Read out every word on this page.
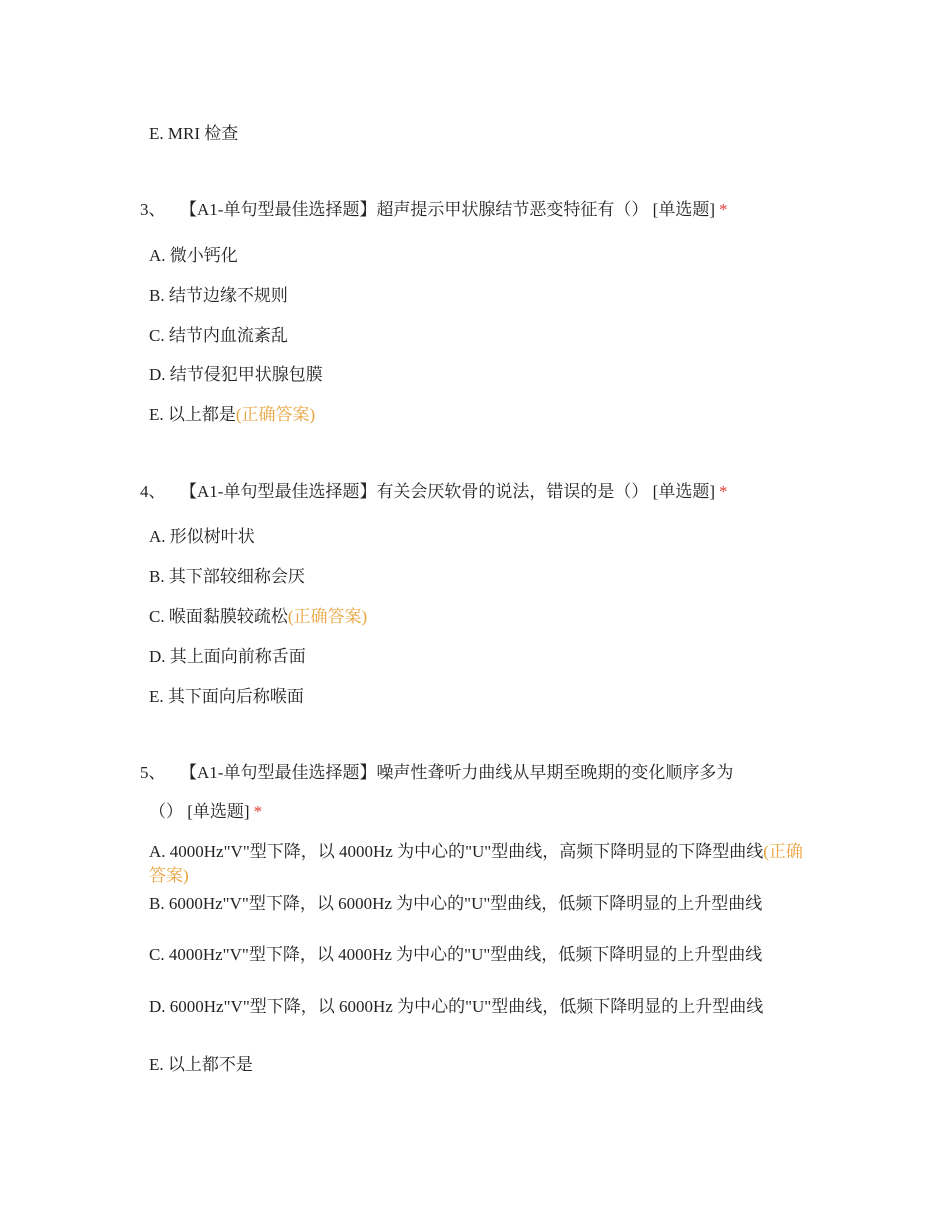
E. MRI 检查
3、 【A1-单句型最佳选择题】超声提示甲状腺结节恶变特征有（） [单选题] *
A. 微小钙化
B. 结节边缘不规则
C. 结节内血流紊乱
D. 结节侵犯甲状腺包膜
E. 以上都是(正确答案)
4、 【A1-单句型最佳选择题】有关会厌软骨的说法，错误的是（） [单选题] *
A. 形似树叶状
B. 其下部较细称会厌
C. 喉面黏膜较疏松(正确答案)
D. 其上面向前称舌面
E. 其下面向后称喉面
5、 【A1-单句型最佳选择题】噪声性聋听力曲线从早期至晚期的变化顺序多为
（） [单选题] *
A. 4000Hz"V"型下降，以 4000Hz 为中心的"U"型曲线，高频下降明显的下降型曲线(正确答案)
B. 6000Hz"V"型下降，以 6000Hz 为中心的"U"型曲线，低频下降明显的上升型曲线
C. 4000Hz"V"型下降，以 4000Hz 为中心的"U"型曲线，低频下降明显的上升型曲线
D. 6000Hz"V"型下降，以 6000Hz 为中心的"U"型曲线，低频下降明显的上升型曲线
E. 以上都不是
